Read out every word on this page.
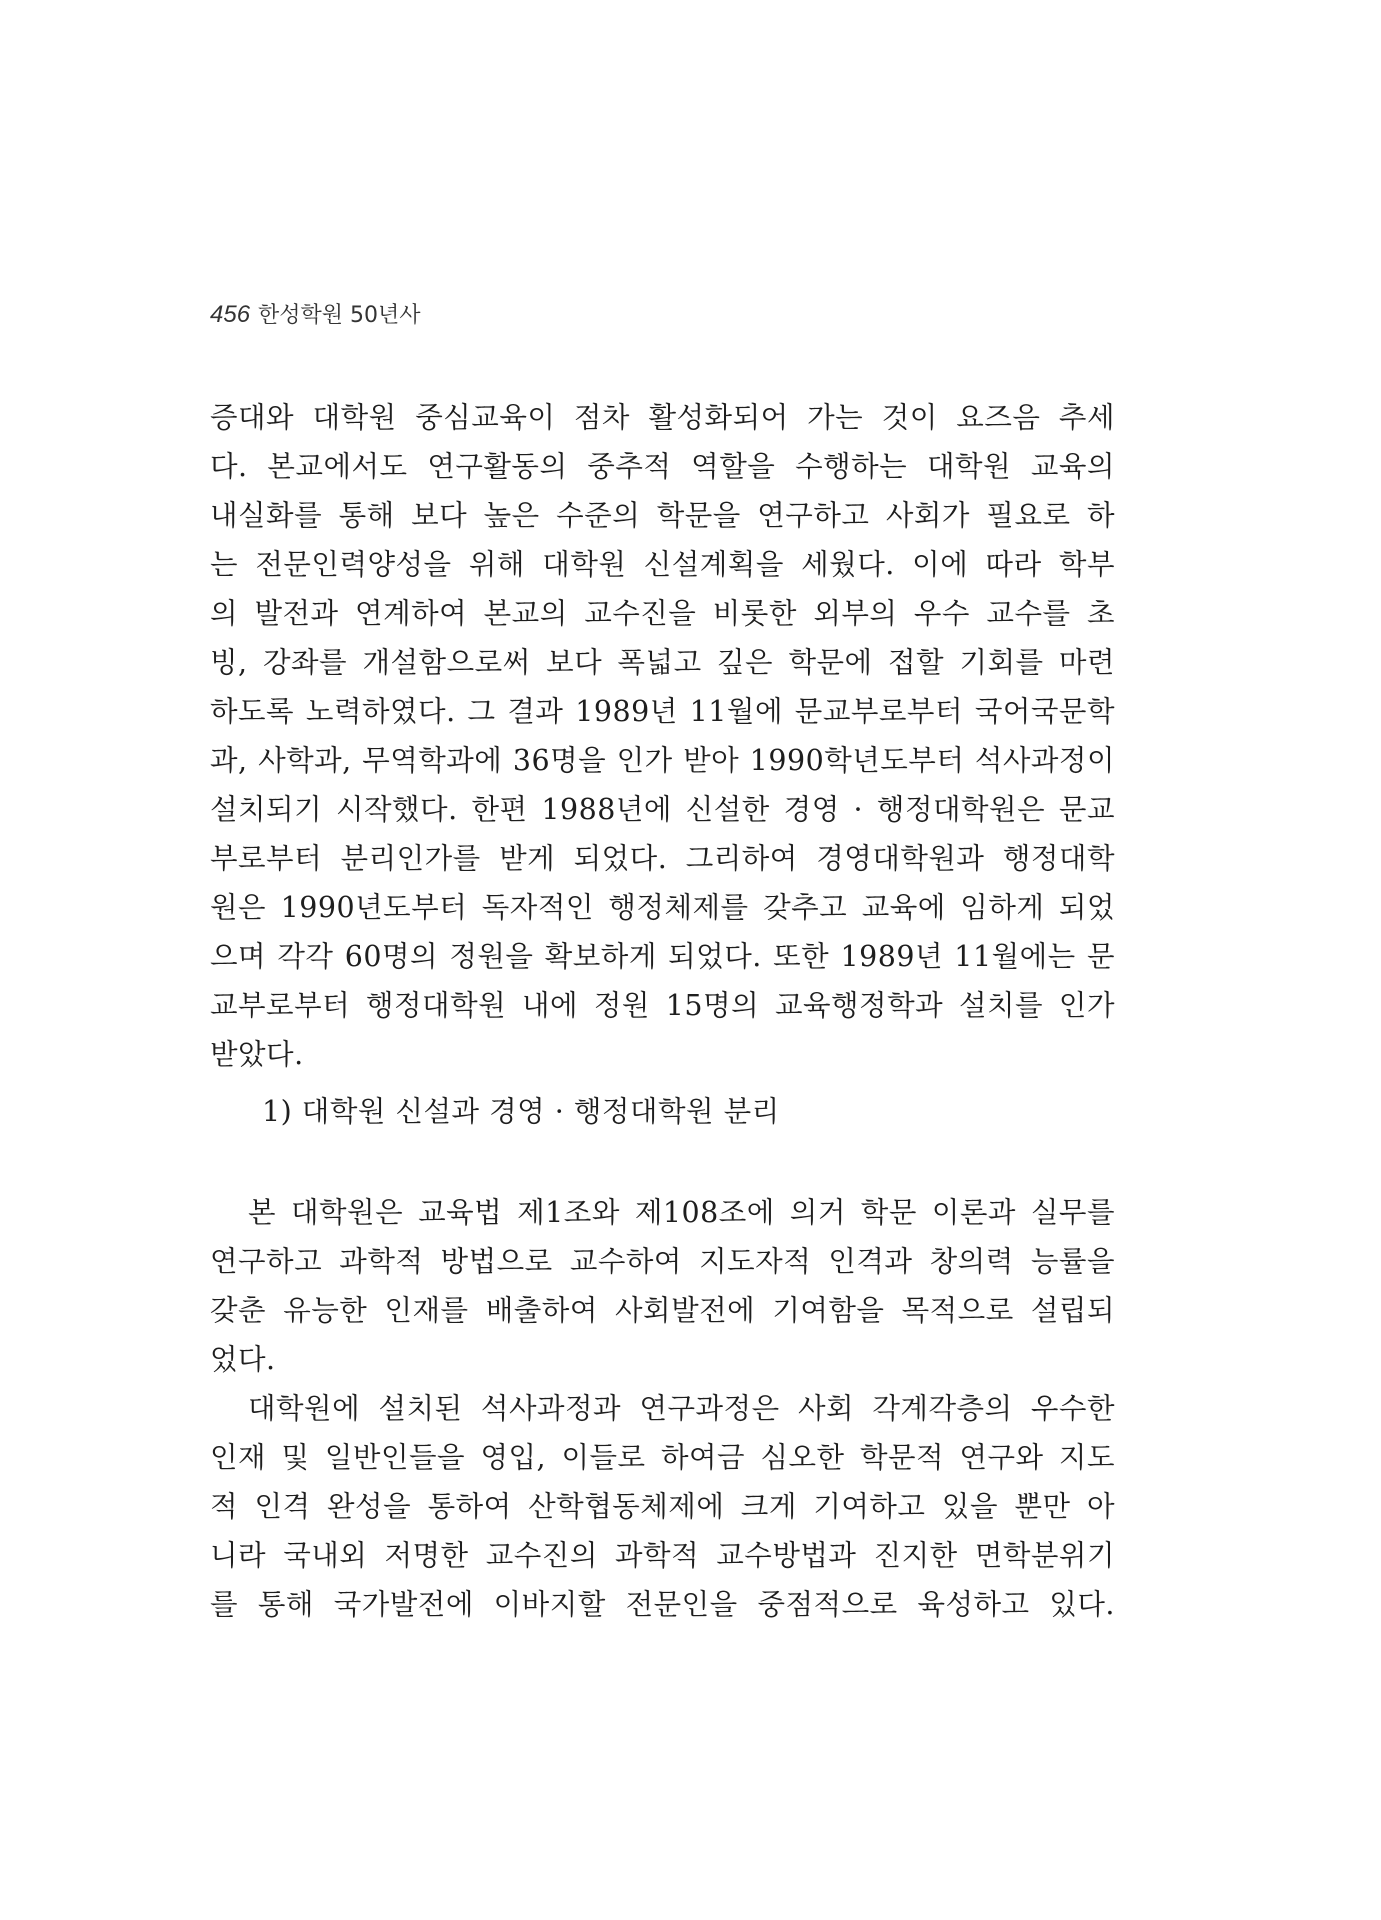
456 한성학원 50년사
증대와 대학원 중심교육이 점차 활성화되어 가는 것이 요즈음 추세
다. 본교에서도 연구활동의 중추적 역할을 수행하는 대학원 교육의
내실화를 통해 보다 높은 수준의 학문을 연구하고 사회가 필요로 하
는 전문인력양성을 위해 대학원 신설계획을 세웠다. 이에 따라 학부
의 발전과 연계하여 본교의 교수진을 비롯한 외부의 우수 교수를 초
빙, 강좌를 개설함으로써 보다 폭넓고 깊은 학문에 접할 기회를 마련
하도록 노력하였다. 그 결과 1989년 11월에 문교부로부터 국어국문학
과, 사학과, 무역학과에 36명을 인가 받아 1990학년도부터 석사과정이
설치되기 시작했다. 한편 1988년에 신설한 경영 · 행정대학원은 문교
부로부터 분리인가를 받게 되었다. 그리하여 경영대학원과 행정대학
원은 1990년도부터 독자적인 행정체제를 갖추고 교육에 임하게 되었
으며 각각 60명의 정원을 확보하게 되었다. 또한 1989년 11월에는 문
교부로부터 행정대학원 내에 정원 15명의 교육행정학과 설치를 인가
받았다.
1) 대학원 신설과 경영 · 행정대학원 분리
본 대학원은 교육법 제1조와 제108조에 의거 학문 이론과 실무를
연구하고 과학적 방법으로 교수하여 지도자적 인격과 창의력 능률을
갖춘 유능한 인재를 배출하여 사회발전에 기여함을 목적으로 설립되
었다.
대학원에 설치된 석사과정과 연구과정은 사회 각계각층의 우수한
인재 및 일반인들을 영입, 이들로 하여금 심오한 학문적 연구와 지도
적 인격 완성을 통하여 산학협동체제에 크게 기여하고 있을 뿐만 아
니라 국내외 저명한 교수진의 과학적 교수방법과 진지한 면학분위기
를 통해 국가발전에 이바지할 전문인을 중점적으로 육성하고 있다.
